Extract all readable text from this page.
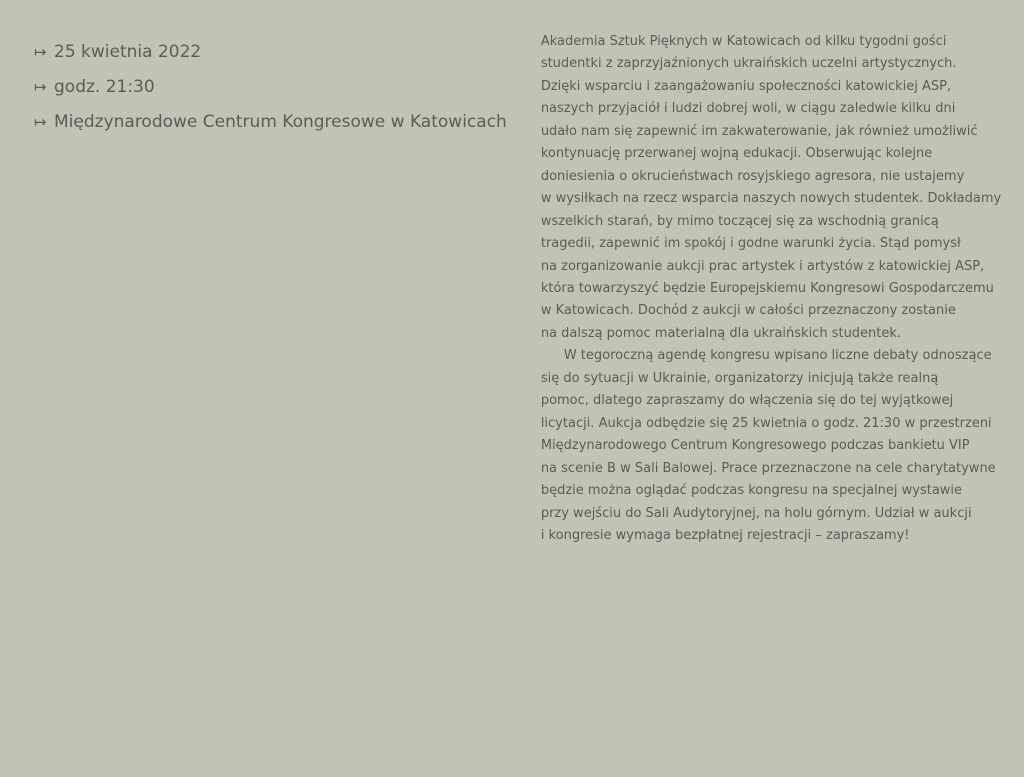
↦ 25 kwietnia 2022
↦ godz. 21:30
↦ Międzynarodowe Centrum Kongresowe w Katowicach

Akademia Sztuk Pięknych w Katowicach od kilku tygodni gości
studentki z zaprzyjaźnionych ukraińskich uczelni artystycznych.
Dzięki wsparciu i zaangażowaniu społeczności katowickiej ASP,
naszych przyjaciół i ludzi dobrej woli, w ciągu zaledwie kilku dni
udało nam się zapewnić im zakwaterowanie, jak również umożliwić
kontynuację przerwanej wojną edukacji. Obserwując kolejne
doniesienia o okrucieństwach rosyjskiego agresora, nie ustajemy
w wysiłkach na rzecz wsparcia naszych nowych studentek. Dokładamy
wszelkich starań, by mimo toczącej się za wschodnią granicą
tragedii, zapewnić im spokój i godne warunki życia. Stąd pomysł
na zorganizowanie aukcji prac artystek i artystów z katowickiej ASP,
która towarzyszyć będzie Europejskiemu Kongresowi Gospodarczemu
w Katowicach. Dochód z aukcji w całości przeznaczony zostanie
na dalszą pomoc materialną dla ukraińskich studentek.

W tegoroczną agendę kongresu wpisano liczne debaty odnoszące
się do sytuacji w Ukrainie, organizatorzy inicjują także realną
pomoc, dlatego zapraszamy do włączenia się do tej wyjątkowej
licytacji. Aukcja odbędzie się 25 kwietnia o godz. 21:30 w przestrzeni
Międzynarodowego Centrum Kongresowego podczas bankietu VIP
na scenie B w Sali Balowej. Prace przeznaczone na cele charytatywne
będzie można oglądać podczas kongresu na specjalnej wystawie
przy wejściu do Sali Audytoryjnej, na holu górnym. Udział w aukcji
i kongresie wymaga bezpłatnej rejestracji – zapraszamy!
